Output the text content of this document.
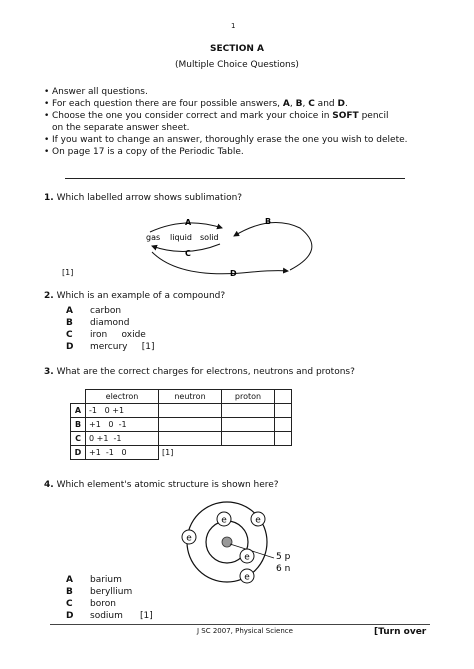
1
SECTION A
(Multiple Choice Questions)
• Answer all questions.
• For each question there are four possible answers, A, B, C and D.
• Choose the one you consider correct and mark your choice in SOFT pencil
on the separate answer sheet.
• If you want to change an answer, thoroughly erase the one you wish to delete.
• On page 17 is a copy of the Periodic Table.
1. Which labelled arrow shows sublimation?
gas liquid solid
A	B
C
D
[1]
2. Which is an example of a compound?
A carbon
B diamond
C iron     oxide
D mercury     [1]
3. What are the correct charges for electrons, neutrons and protons?
	electron	neutron	proton	
A	-1   0 +1			
B	+1   0  -1			
C	0 +1  -1			
D	+1  -1   0	[1]		
4. Which element's atomic structure is shown here?
e
e
e
e
e
5 p
6 n
A barium
B beryllium
C boron
D sodium      [1]
J SC 2007, Physical Science	[Turn over
